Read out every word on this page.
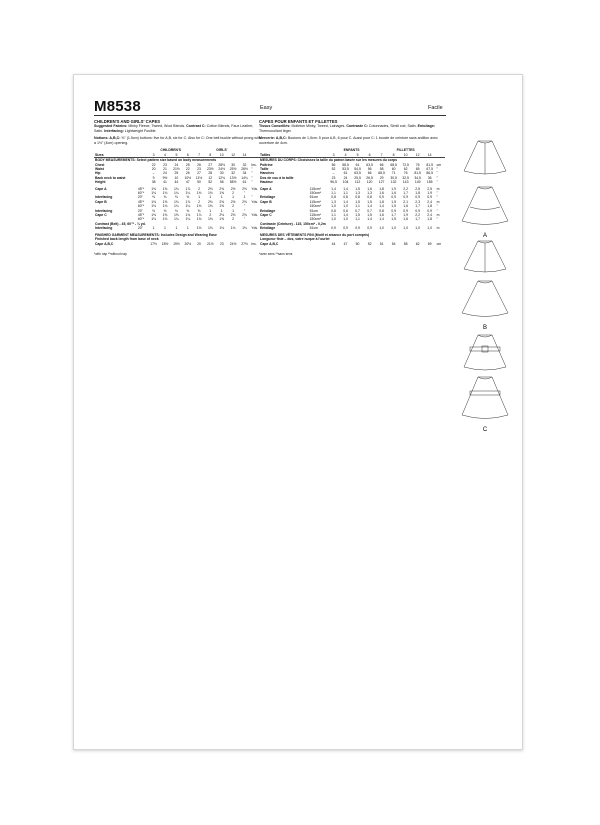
M8538	Easy	Facile
CHILDREN'S AND GIRLS' CAPES
Suggested Fabrics: Minky Fleece, Tweed, Wool Blends. Contrast C: Cotton Blends, Faux Leather, Satin. Interfacing: Lightweight Fusible.
Notions: A,B,C: ⅝" (1.5cm) buttons: five for A,B, six for C. Also for C: One belt buckle without prong with a 1½" (4cm) opening.
		CHILDREN'S				GIRLS'					
Sizes		3	4	5	6	7	8	10	12	14	
BODY MEASUREMENTS: Select pattern size based on body measurements											
Chest		22	23	24	25	26	27	28½	30	32	Ins.
Waist		20	21	21½	22	23	23½	24½	25½	26½	"
Hip		–	24	25	26	27	28	30	32	34	"
Back neck to waist		9	9½	10	10½	11½	12	12¾	13½	14¼	"
Height		38	41	44	47	50	52	56	58½	61	"

Cape A	45"*	1⅜	1⅝	1¾	1⅞	2	2⅛	2⅜	2½	2⅝	Yds.
	60"*	1⅛	1⅛	1¼	1¼	1⅜	1⅜	1⅝	2	"	
Interfacing	20"	⅜	⅜	⅜	⅜	1	1	1	1	1	"
Cape B	45"*	1⅜	1⅝	1¾	1⅞	2	2⅛	2⅜	2½	2⅝	Yds.
	60"*	1⅛	1⅛	1¼	1¼	1⅜	1⅜	1⅝	2	"	
Interfacing	20"	⅜	⅜	⅜	⅜	⅜	1	1	1	"	
Cape C	45"*	1⅜	1⅝	1⅝	1¾	1⅞	2	2⅛	2⅜	2⅝	Yds.
	60"*	1⅛	1⅛	1¼	1¼	1⅜	1⅜	1⅝	2	"	
Contrast (Belt) - 45, 60"* - ¼ yd.											
Interfacing	20"	1	1	1	1	1⅛	1⅛	1⅛	1⅛	1⅛	Yds.

FINISHED GARMENT MEASUREMENTS: Includes Design and Wearing Ease											
Finished back length from base of neck											
Cape A,B,C		17½	18½	19½	20½	20	21½	23	24½	27½	Ins.
*with nap **without nap
CAPES POUR ENFANTS ET FILLETTES
Tissus Conseillés: Molleton Minky, Tweed, Lainages. Contraste C: Cotonnades, Simili cuir, Satin. Entoilage: Thermocollant léger.
Mercerie: A,B,C: Boutons de 1,5cm: 5 pour A,B, 6 pour C. Aussi pour C: 1 boucle de ceinture sans ardillon avec ouverture de 4cm.
		ENFANTS				FILLETTES					
Tailles		3	4	5	6	7	8	10	12	14	
MESURES DU CORPS: Choisissez la taille du patron basée sur les mesures du corps											
Poitrine		56	58,5	61	63,5	66	68,5	72,5	76	81,5	cm
Taille		52	53,5	54,5	56	58	60	62	65	67,5	"
Hanches		–	61	63,5	66	68,5	71	76	81,5	86,5	"
Dos de cou à la taille		23	24	25,5	26,5	29	30,5	32,5	34,5	36	"
Hauteur		96,5	104	112	120	127	132	143	149	155	"

Cape A	115cm*	1,4	1,4	1,5	1,6	1,8	1,9	2,2	2,5	2,5	m
	150cm*	1,1	1,1	1,3	1,3	1,6	1,6	1,7	1,8	1,9	"
Entoilage	51cm	0,8	0,8	0,8	0,8	0,9	0,9	0,9	0,9	0,9	"
Cape B	115cm*	1,3	1,4	1,5	1,5	1,8	1,9	2,1	2,3	2,4	m
	150cm*	1,0	1,0	1,1	1,4	1,4	1,5	1,6	1,7	1,8	"
Entoilage	51cm	0,6	0,6	0,7	0,7	0,8	0,9	0,9	0,9	0,9	"
Cape C	115cm*	1,1	1,4	1,5	1,5	1,6	1,7	1,9	2,2	2,4	m
	150cm*	1,0	1,0	1,1	1,4	1,4	1,5	1,6	1,7	1,8	"
Contraste (Ceinture) - 115, 150cm* - 0,2m											
Entoilage	51cm	0,9	0,9	0,9	0,9	1,0	1,0	1,0	1,0	1,0	m

MESURES DES VÊTEMENTS FINI (Motif et aisance du port compris)											
Longueur finie – dos, votre nuque à l'ourlet											
Cape A,B,C		44	47	50	52	51	54	58	62	69	cm
*avec sens **sans sens
A
B
C
